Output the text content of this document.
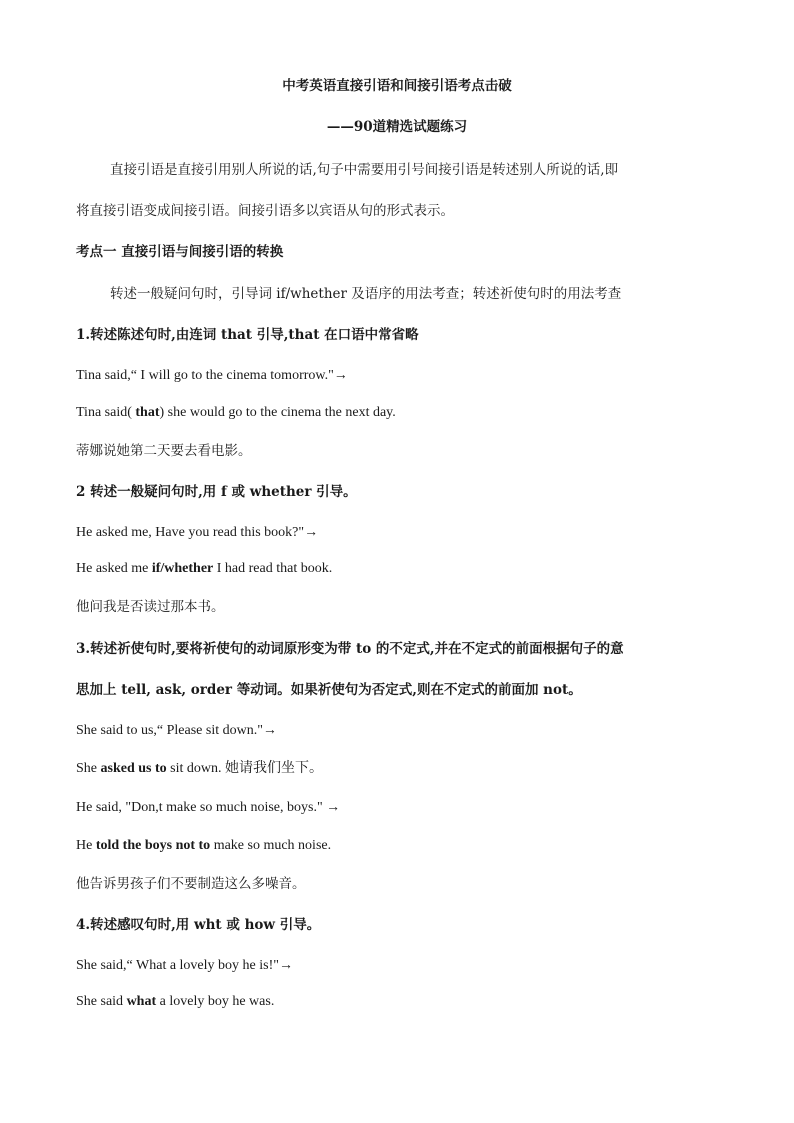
中考英语直接引语和间接引语考点击破
——90道精选试题练习
直接引语是直接引用别人所说的话,句子中需要用引号间接引语是转述别人所说的话,即
将直接引语变成间接引语。间接引语多以宾语从句的形式表示。
考点一 直接引语与间接引语的转换
转述一般疑问句时，引导词 if/whether 及语序的用法考查；转述祈使句时的用法考查
1.转述陈述句时,由连词 that 引导,that 在口语中常省略
Tina said,“ I will go to the cinema tomorrow."→
Tina said( that) she would go to the cinema the next day.
蒂娜说她第二天要去看电影。
2 转述一般疑问句时,用 f 或 whether 引导。
He asked me, Have you read this book?"→
He asked me if/whether I had read that book.
他问我是否读过那本书。
3.转述祈使句时,要将祈使句的动词原形变为带 to 的不定式,并在不定式的前面根据句子的意
思加上 tell, ask, order 等动词。如果祈使句为否定式,则在不定式的前面加 not。
She said to us,“ Please sit down."→
She asked us to sit down. 她请我们坐下。
He said, "Don,t make so much noise, boys." →
He told the boys not to make so much noise.
他告诉男孩子们不要制造这么多噪音。
4.转述感叹句时,用 wht 或 how 引导。
She said,“ What a lovely boy he is!"→
She said what a lovely boy he was.
